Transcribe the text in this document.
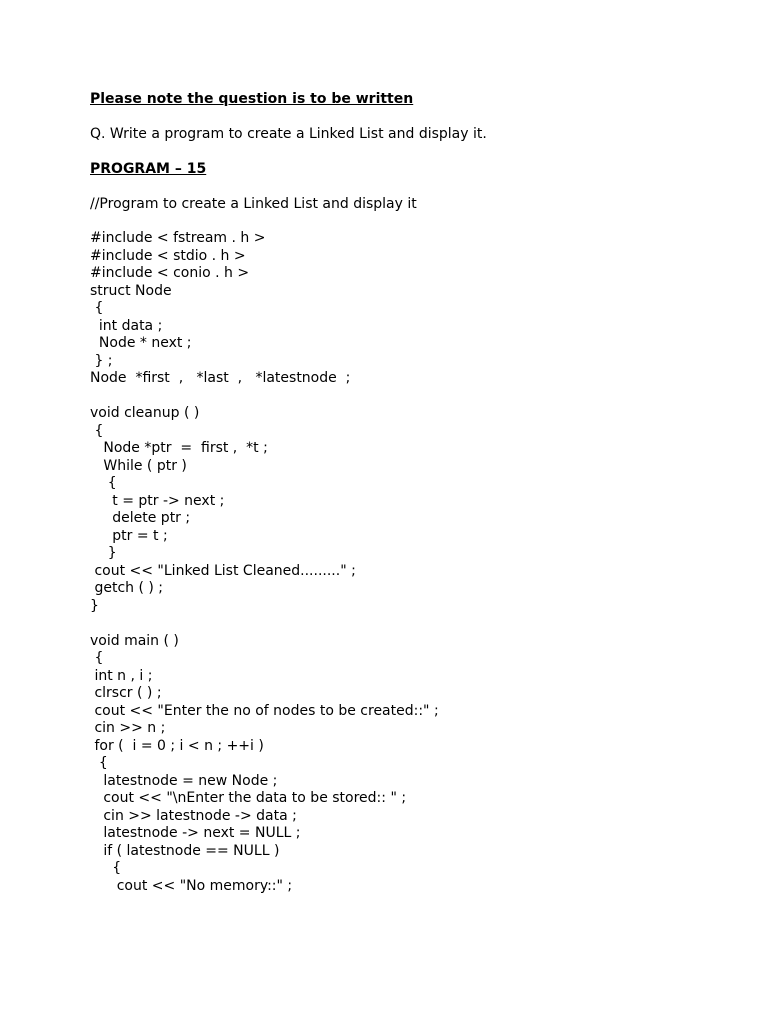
Please note the question is to be written
Q. Write a program to create a Linked List and display it.
PROGRAM – 15
//Program to create a Linked List and display it
#include < fstream . h >
#include < stdio . h >
#include < conio . h >
struct Node
{
int data ;
Node * next ;
} ;
Node  *first  ,   *last  ,   *latestnode  ;
void cleanup ( )
{
Node *ptr  =  first ,  *t ;
While ( ptr )
{
t = ptr -> next ;
delete ptr ;
ptr = t ;
}
cout << "Linked List Cleaned........." ;
getch ( ) ;
}
void main ( )
{
int n , i ;
clrscr ( ) ;
cout << "Enter the no of nodes to be created::" ;
cin >> n ;
for (  i = 0 ; i < n ; ++i )
{
latestnode = new Node ;
cout << "\nEnter the data to be stored:: " ;
cin >> latestnode -> data ;
latestnode -> next = NULL ;
if ( latestnode == NULL )
{
cout << "No memory::" ;
